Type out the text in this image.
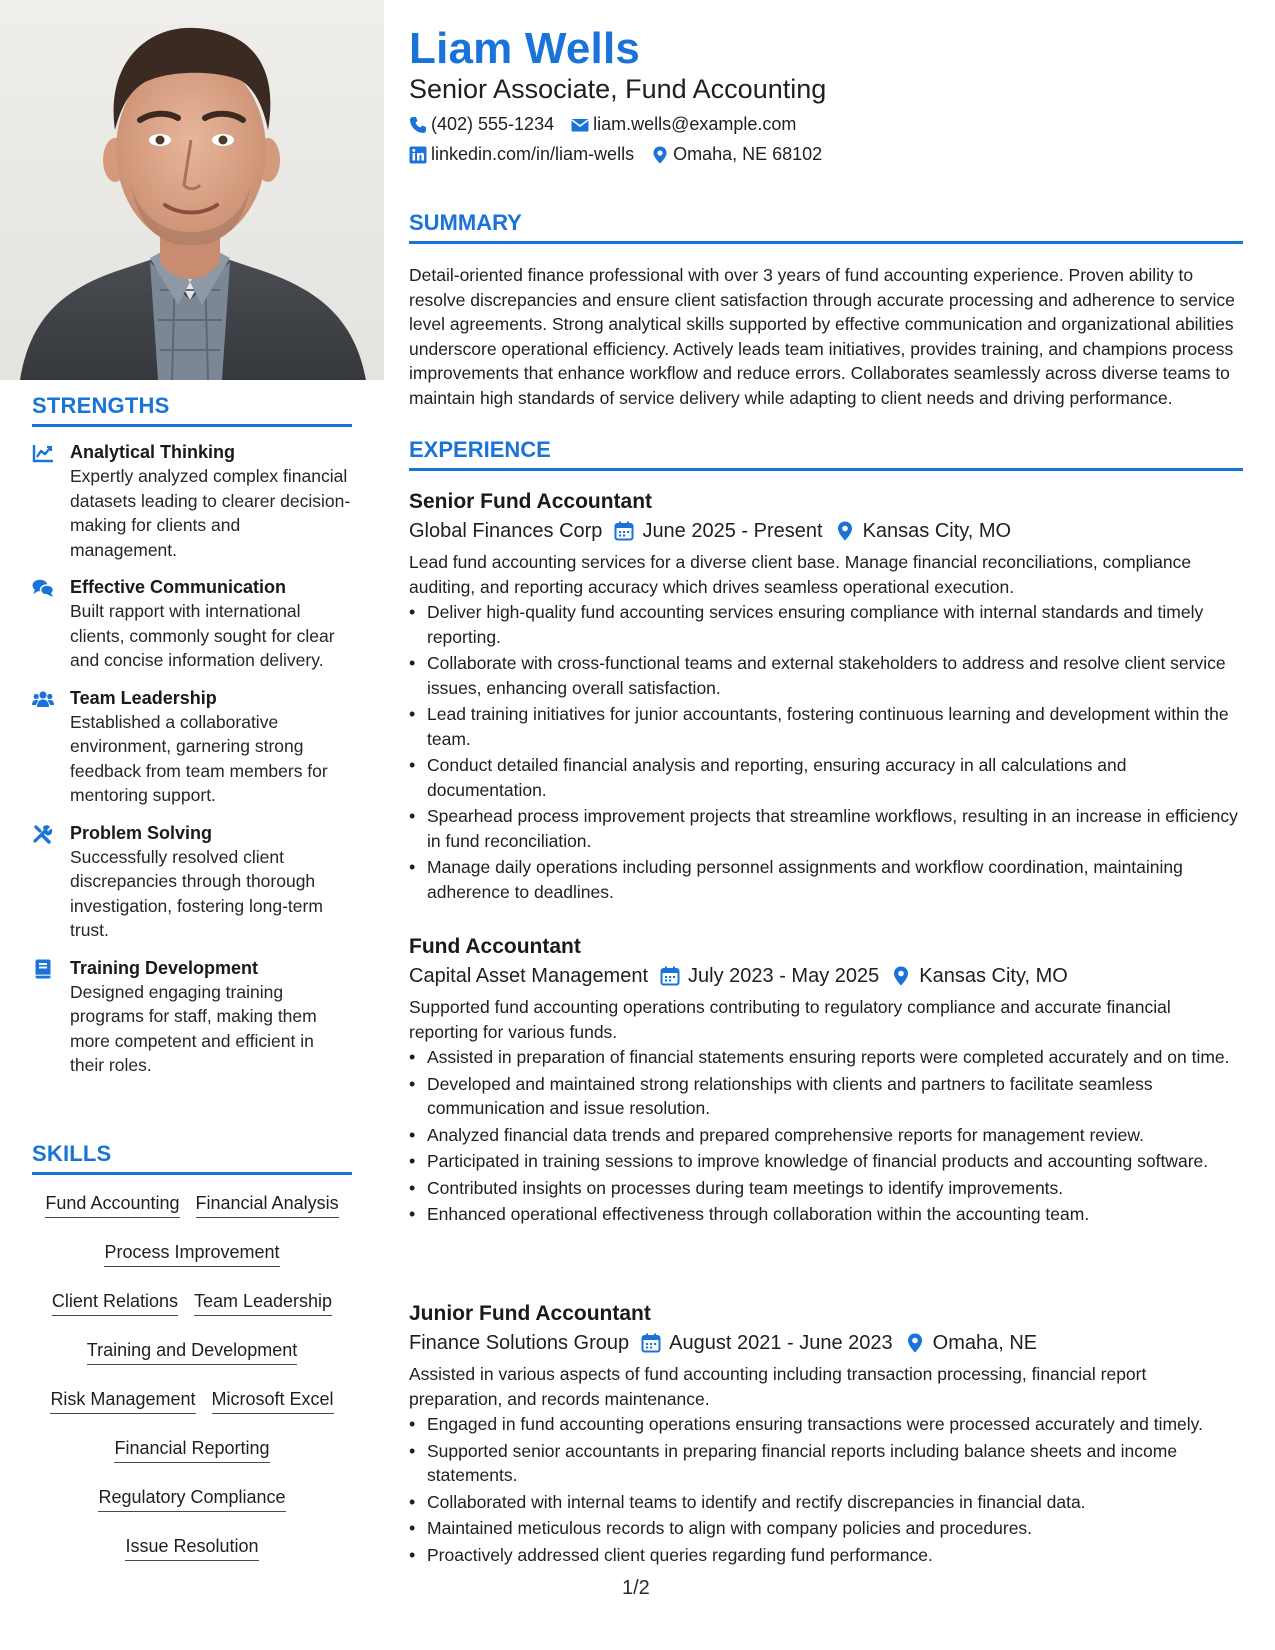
STRENGTHS
Analytical Thinking
Expertly analyzed complex financial datasets leading to clearer decision-making for clients and management.
Effective Communication
Built rapport with international clients, commonly sought for clear and concise information delivery.
Team Leadership
Established a collaborative environment, garnering strong feedback from team members for mentoring support.
Problem Solving
Successfully resolved client discrepancies through thorough investigation, fostering long-term trust.
Training Development
Designed engaging training programs for staff, making them more competent and efficient in their roles.
SKILLS
Fund Accounting Financial Analysis
Process Improvement
Client Relations Team Leadership
Training and Development
Risk Management Microsoft Excel
Financial Reporting
Regulatory Compliance
Issue Resolution
Liam Wells
Senior Associate, Fund Accounting
(402) 555-1234 liam.wells@example.com
linkedin.com/in/liam-wells Omaha, NE 68102
SUMMARY
Detail-oriented finance professional with over 3 years of fund accounting experience. Proven ability to resolve discrepancies and ensure client satisfaction through accurate processing and adherence to service level agreements. Strong analytical skills supported by effective communication and organizational abilities underscore operational efficiency. Actively leads team initiatives, provides training, and champions process improvements that enhance workflow and reduce errors. Collaborates seamlessly across diverse teams to maintain high standards of service delivery while adapting to client needs and driving performance.
EXPERIENCE
Senior Fund Accountant
Global Finances Corp June 2025 - Present Kansas City, MO
Lead fund accounting services for a diverse client base. Manage financial reconciliations, compliance auditing, and reporting accuracy which drives seamless operational execution.
• Deliver high-quality fund accounting services ensuring compliance with internal standards and timely reporting.
• Collaborate with cross-functional teams and external stakeholders to address and resolve client service issues, enhancing overall satisfaction.
• Lead training initiatives for junior accountants, fostering continuous learning and development within the team.
• Conduct detailed financial analysis and reporting, ensuring accuracy in all calculations and documentation.
• Spearhead process improvement projects that streamline workflows, resulting in an increase in efficiency in fund reconciliation.
• Manage daily operations including personnel assignments and workflow coordination, maintaining adherence to deadlines.
Fund Accountant
Capital Asset Management July 2023 - May 2025 Kansas City, MO
Supported fund accounting operations contributing to regulatory compliance and accurate financial reporting for various funds.
• Assisted in preparation of financial statements ensuring reports were completed accurately and on time.
• Developed and maintained strong relationships with clients and partners to facilitate seamless communication and issue resolution.
• Analyzed financial data trends and prepared comprehensive reports for management review.
• Participated in training sessions to improve knowledge of financial products and accounting software.
• Contributed insights on processes during team meetings to identify improvements.
• Enhanced operational effectiveness through collaboration within the accounting team.
Junior Fund Accountant
Finance Solutions Group August 2021 - June 2023 Omaha, NE
Assisted in various aspects of fund accounting including transaction processing, financial report preparation, and records maintenance.
• Engaged in fund accounting operations ensuring transactions were processed accurately and timely.
• Supported senior accountants in preparing financial reports including balance sheets and income statements.
• Collaborated with internal teams to identify and rectify discrepancies in financial data.
• Maintained meticulous records to align with company policies and procedures.
• Proactively addressed client queries regarding fund performance.
1/2
